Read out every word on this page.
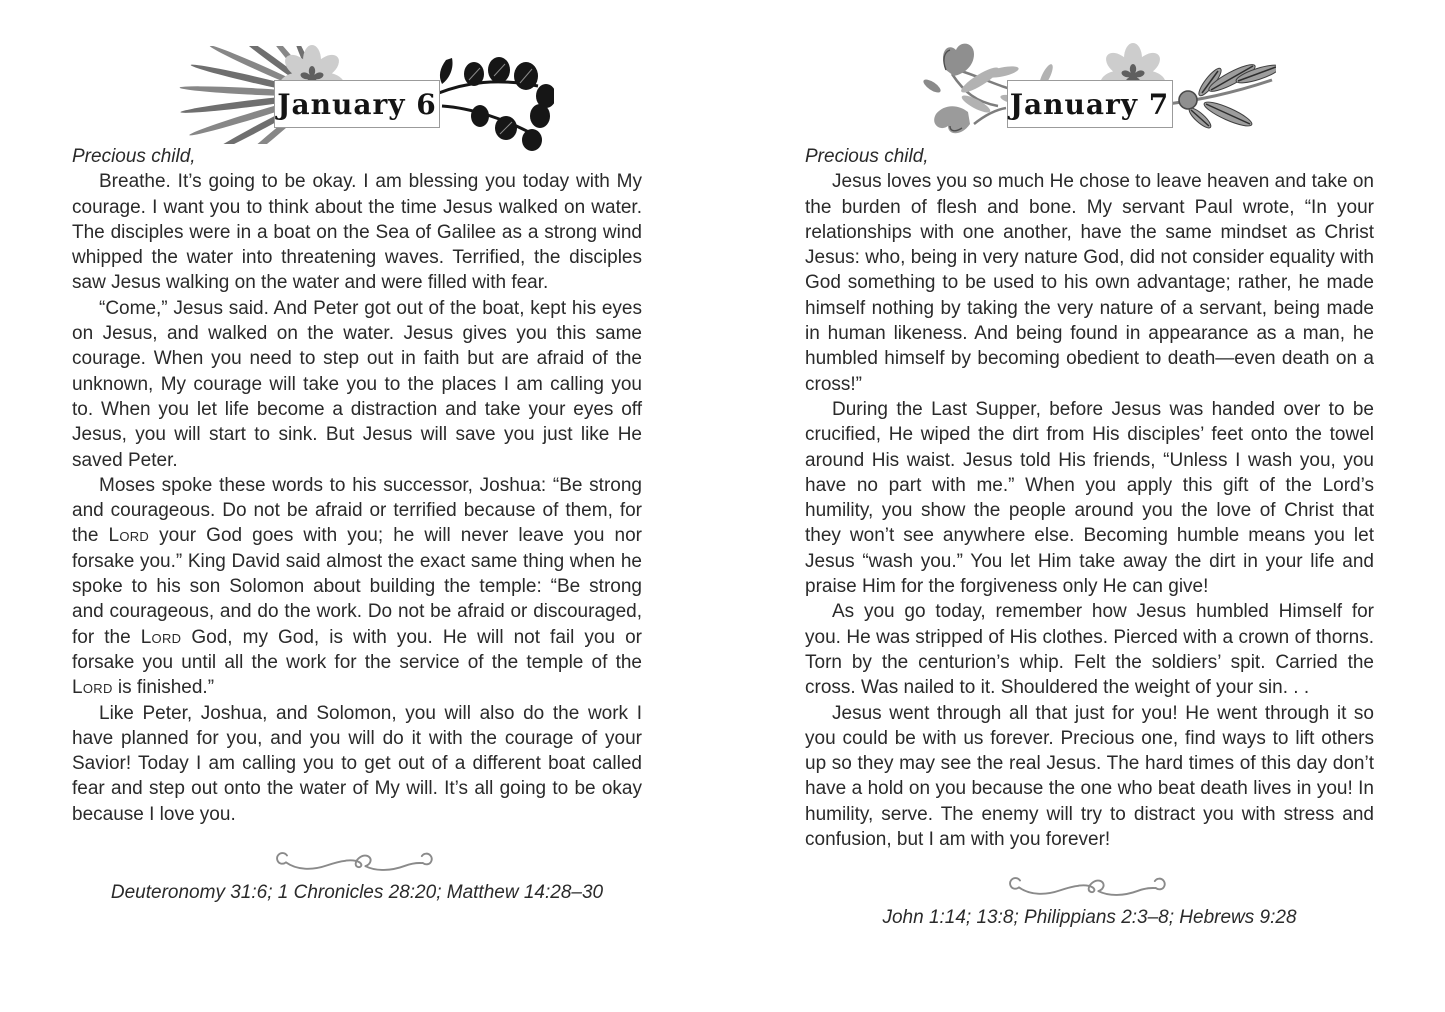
January 6

Precious child,

Breathe. It’s going to be okay. I am blessing you today with My courage. I want you to think about the time Jesus walked on water. The disciples were in a boat on the Sea of Galilee as a strong wind whipped the water into threatening waves. Terrified, the disciples saw Jesus walking on the water and were filled with fear.

“Come,” Jesus said. And Peter got out of the boat, kept his eyes on Jesus, and walked on the water. Jesus gives you this same courage. When you need to step out in faith but are afraid of the unknown, My courage will take you to the places I am calling you to. When you let life become a distraction and take your eyes off Jesus, you will start to sink. But Jesus will save you just like He saved Peter.

Moses spoke these words to his successor, Joshua: “Be strong and courageous. Do not be afraid or terrified because of them, for the Lord your God goes with you; he will never leave you nor forsake you.” King David said almost the exact same thing when he spoke to his son Solomon about building the temple: “Be strong and courageous, and do the work. Do not be afraid or discouraged, for the Lord God, my God, is with you. He will not fail you or forsake you until all the work for the service of the temple of the Lord is finished.”

Like Peter, Joshua, and Solomon, you will also do the work I have planned for you, and you will do it with the courage of your Savior! Today I am calling you to get out of a different boat called fear and step out onto the water of My will. It’s all going to be okay because I love you.

Deuteronomy 31:6; 1 Chronicles 28:20; Matthew 14:28–30

January 7

Precious child,

Jesus loves you so much He chose to leave heaven and take on the burden of flesh and bone. My servant Paul wrote, “In your relationships with one another, have the same mindset as Christ Jesus: who, being in very nature God, did not consider equality with God something to be used to his own advantage; rather, he made himself nothing by taking the very nature of a servant, being made in human likeness. And being found in appearance as a man, he humbled himself by becoming obedient to death—even death on a cross!”

During the Last Supper, before Jesus was handed over to be crucified, He wiped the dirt from His disciples’ feet onto the towel around His waist. Jesus told His friends, “Unless I wash you, you have no part with me.” When you apply this gift of the Lord’s humility, you show the people around you the love of Christ that they won’t see anywhere else. Becoming humble means you let Jesus “wash you.” You let Him take away the dirt in your life and praise Him for the forgiveness only He can give!

As you go today, remember how Jesus humbled Himself for you. He was stripped of His clothes. Pierced with a crown of thorns. Torn by the centurion’s whip. Felt the soldiers’ spit. Carried the cross. Was nailed to it. Shouldered the weight of your sin. . .

Jesus went through all that just for you! He went through it so you could be with us forever. Precious one, find ways to lift others up so they may see the real Jesus. The hard times of this day don’t have a hold on you because the one who beat death lives in you! In humility, serve. The enemy will try to distract you with stress and confusion, but I am with you forever!

John 1:14; 13:8; Philippians 2:3–8; Hebrews 9:28
